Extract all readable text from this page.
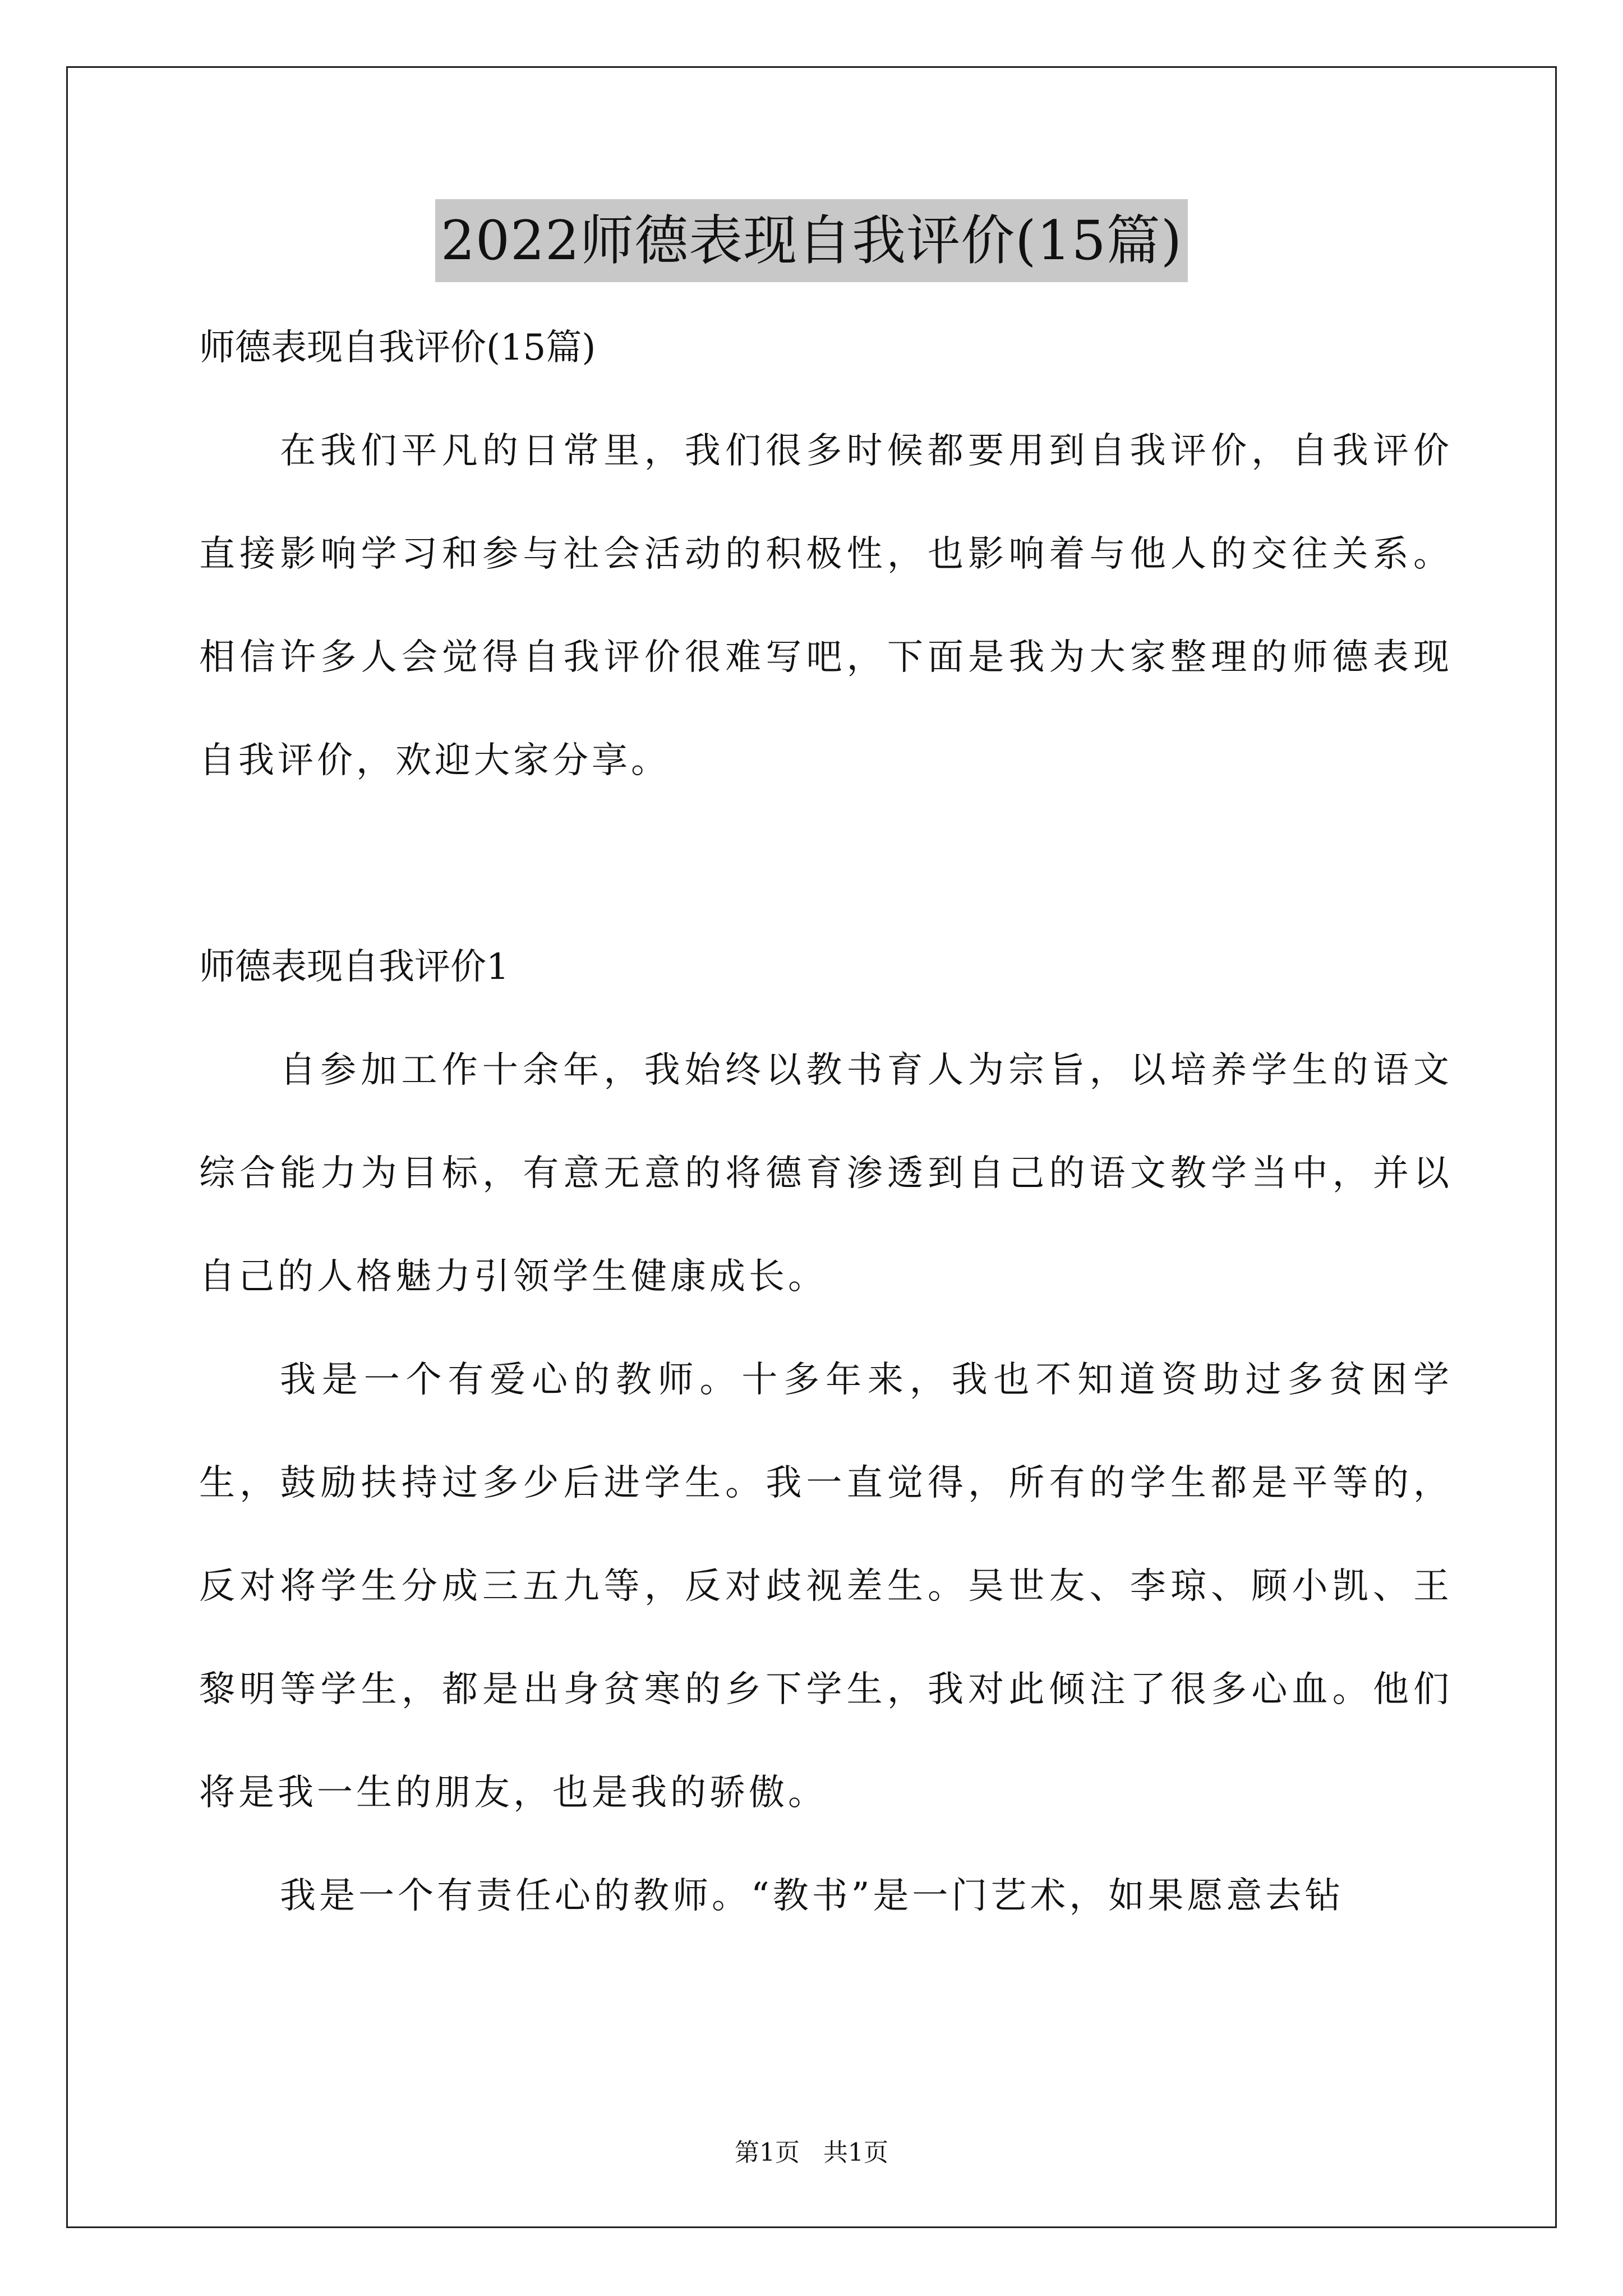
2022师德表现自我评价(15篇)

师德表现自我评价(15篇)

在我们平凡的日常里，我们很多时候都要用到自我评价，自我评价直接影响学习和参与社会活动的积极性，也影响着与他人的交往关系。相信许多人会觉得自我评价很难写吧，下面是我为大家整理的师德表现自我评价，欢迎大家分享。

师德表现自我评价1

自参加工作十余年，我始终以教书育人为宗旨，以培养学生的语文综合能力为目标，有意无意的将德育渗透到自己的语文教学当中，并以自己的人格魅力引领学生健康成长。

我是一个有爱心的教师。十多年来，我也不知道资助过多贫困学生，鼓励扶持过多少后进学生。我一直觉得，所有的学生都是平等的，反对将学生分成三五九等，反对歧视差生。吴世友、李琼、顾小凯、王黎明等学生，都是出身贫寒的乡下学生，我对此倾注了很多心血。他们将是我一生的朋友，也是我的骄傲。

我是一个有责任心的教师。“教书”是一门艺术，如果愿意去钻

第1页 共1页
